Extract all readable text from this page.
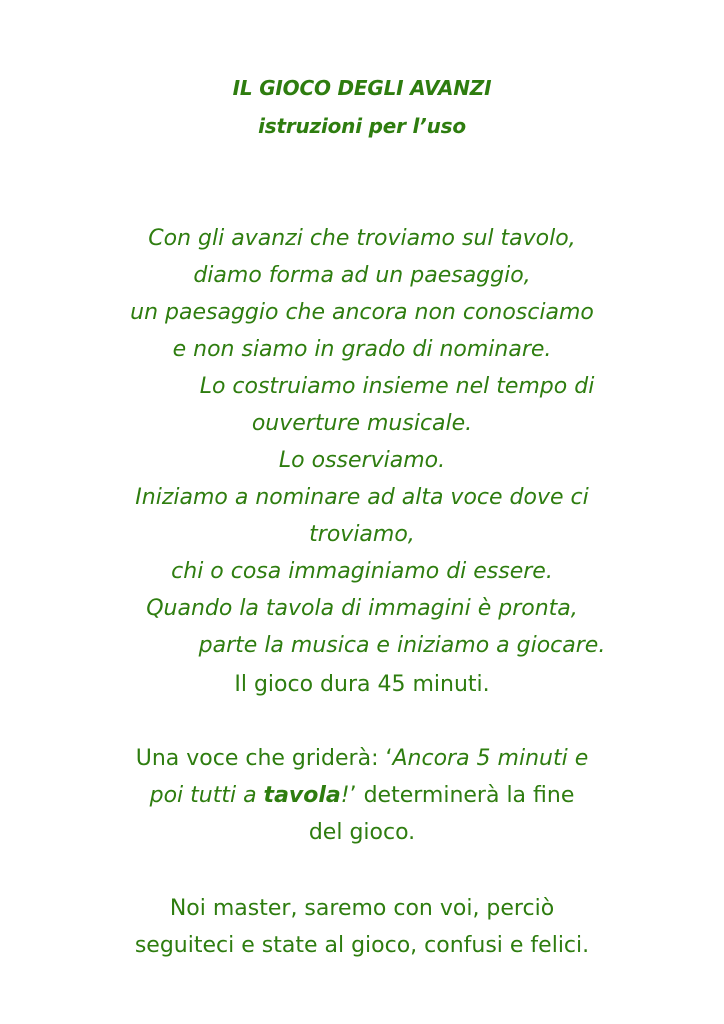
IL GIOCO DEGLI AVANZI
istruzioni per l’uso
Con gli avanzi che troviamo sul tavolo,
diamo forma ad un paesaggio,
un paesaggio che ancora non conosciamo
e non siamo in grado di nominare.
Lo costruiamo insieme nel tempo di
ouverture musicale.
Lo osserviamo.
Iniziamo a nominare ad alta voce dove ci
troviamo,
chi o cosa immaginiamo di essere.
Quando la tavola di immagini è pronta,
parte la musica e iniziamo a giocare.
Il gioco dura 45 minuti.
Una voce che griderà: ‘Ancora 5 minuti e
poi tutti a tavola!’ determinerà la fine
del gioco.
Noi master, saremo con voi, perciò
seguiteci e state al gioco, confusi e felici.
